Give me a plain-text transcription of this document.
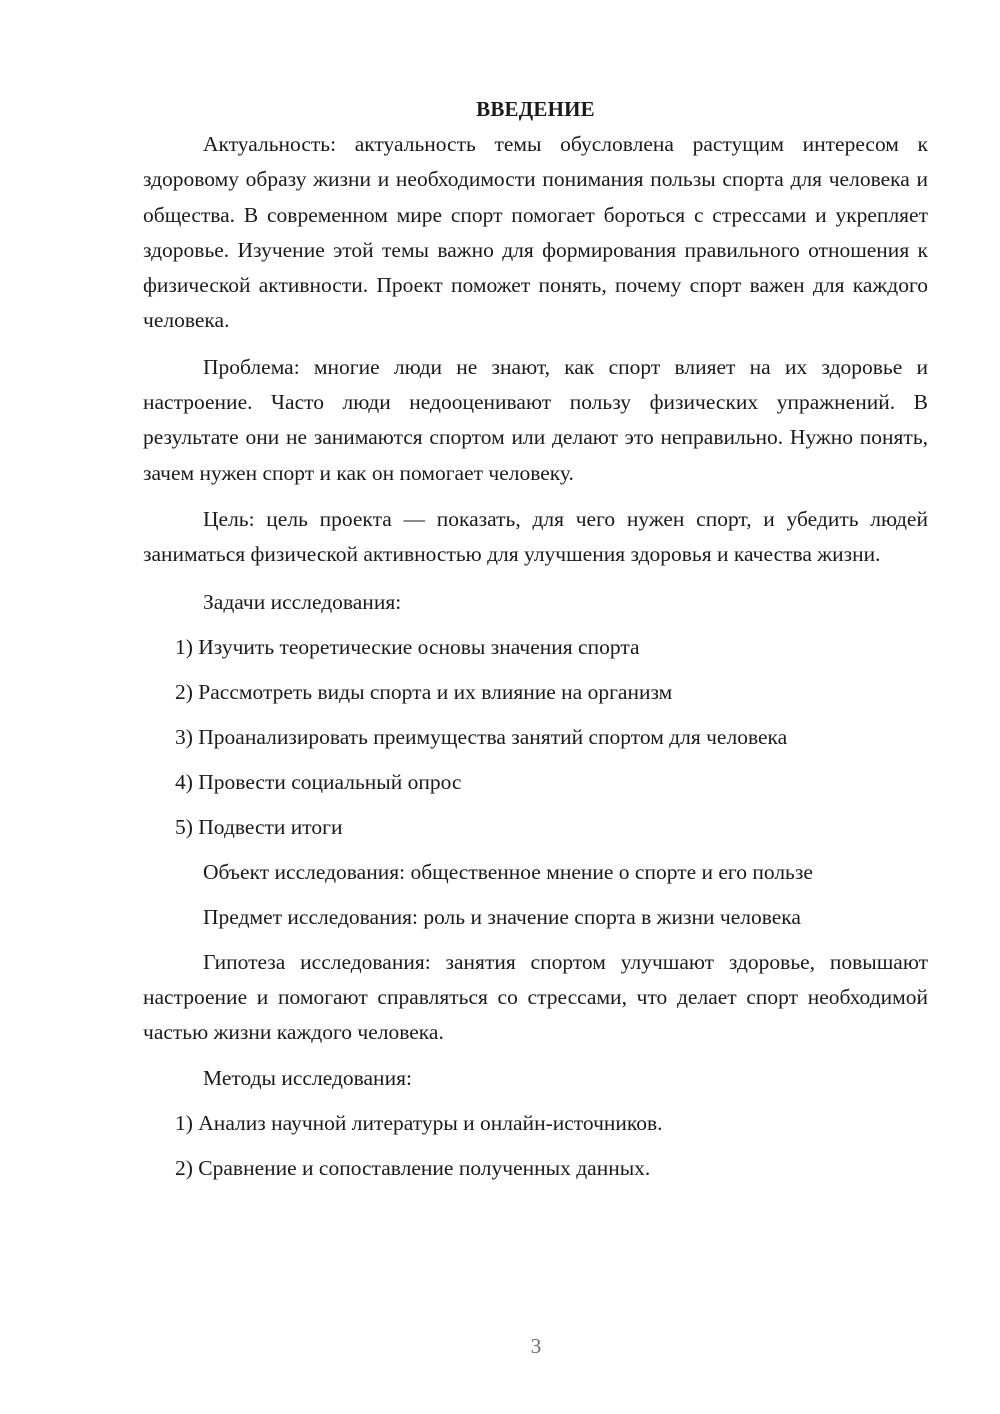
ВВЕДЕНИЕ

Актуальность: актуальность темы обусловлена растущим интересом к здоровому образу жизни и необходимости понимания пользы спорта для человека и общества. В современном мире спорт помогает бороться с стрессами и укрепляет здоровье. Изучение этой темы важно для формирования правильного отношения к физической активности. Проект поможет понять, почему спорт важен для каждого человека.

Проблема: многие люди не знают, как спорт влияет на их здоровье и настроение. Часто люди недооценивают пользу физических упражнений. В результате они не занимаются спортом или делают это неправильно. Нужно понять, зачем нужен спорт и как он помогает человеку.

Цель: цель проекта — показать, для чего нужен спорт, и убедить людей заниматься физической активностью для улучшения здоровья и качества жизни.

Задачи исследования:
1) Изучить теоретические основы значения спорта
2) Рассмотреть виды спорта и их влияние на организм
3) Проанализировать преимущества занятий спортом для человека
4) Провести социальный опрос
5) Подвести итоги
Объект исследования: общественное мнение о спорте и его пользе
Предмет исследования: роль и значение спорта в жизни человека

Гипотеза исследования: занятия спортом улучшают здоровье, повышают настроение и помогают справляться со стрессами, что делает спорт необходимой частью жизни каждого человека.

Методы исследования:
1) Анализ научной литературы и онлайн-источников.
2) Сравнение и сопоставление полученных данных.
3
